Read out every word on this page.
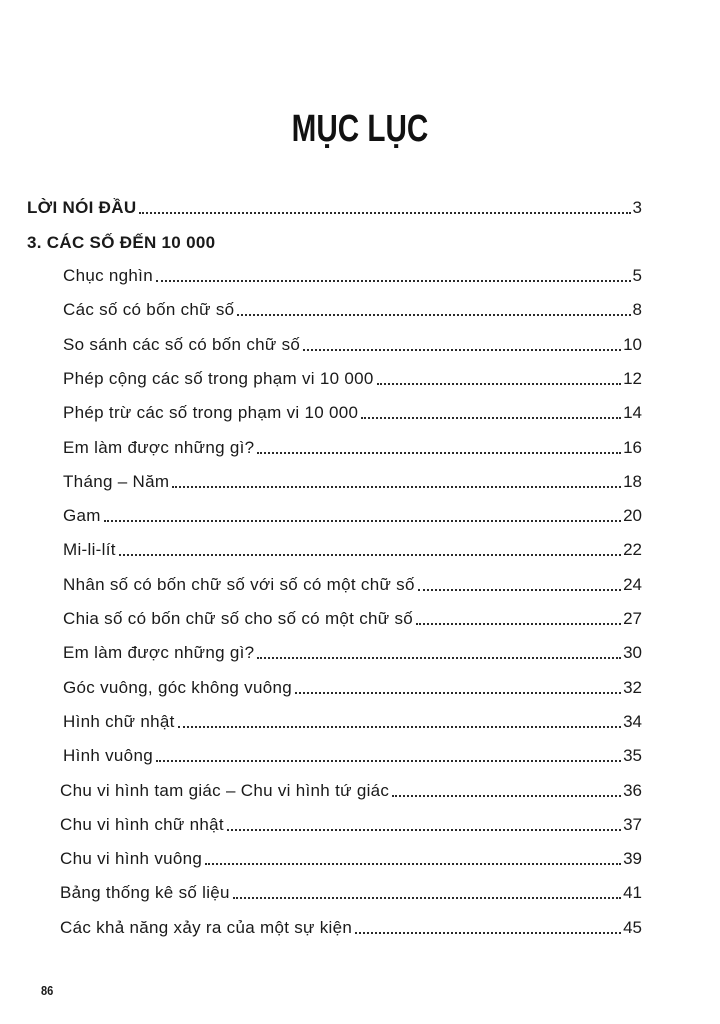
MỤC LỤC
LỜI NÓI ĐẦU	3
3. CÁC SỐ ĐẾN 10 000
Chục nghìn	5
Các số có bốn chữ số	8
So sánh các số có bốn chữ số	10
Phép cộng các số trong phạm vi 10 000	12
Phép trừ các số trong phạm vi 10 000	14
Em làm được những gì?	16
Tháng – Năm	18
Gam	20
Mi-li-lít	22
Nhân số có bốn chữ số với số có một chữ số	24
Chia số có bốn chữ số cho số có một chữ số	27
Em làm được những gì?	30
Góc vuông, góc không vuông	32
Hình chữ nhật	34
Hình vuông	35
Chu vi hình tam giác – Chu vi hình tứ giác	36
Chu vi hình chữ nhật	37
Chu vi hình vuông	39
Bảng thống kê số liệu	41
Các khả năng xảy ra của một sự kiện	45
86
